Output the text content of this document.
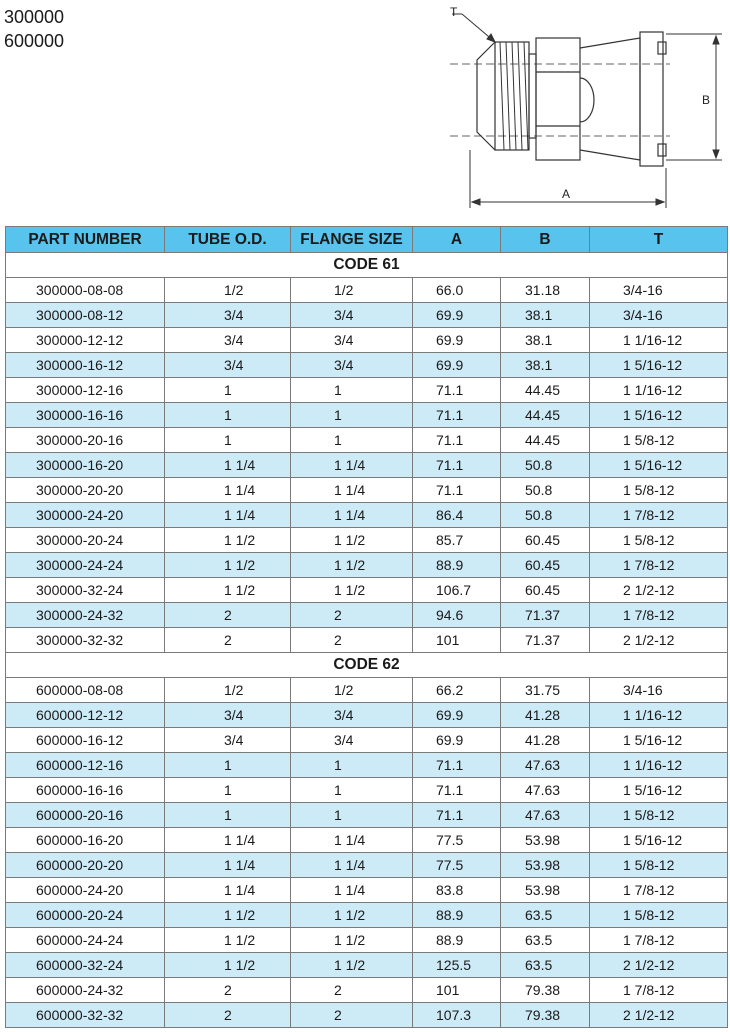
300000
600000
B
A
T
PART NUMBER	TUBE O.D.	FLANGE SIZE	A	B	T
CODE 61					
300000-08-08	1/2	1/2	66.0	31.18	3/4-16
300000-08-12	3/4	3/4	69.9	38.1	3/4-16
300000-12-12	3/4	3/4	69.9	38.1	1 1/16-12
300000-16-12	3/4	3/4	69.9	38.1	1 5/16-12
300000-12-16	1	1	71.1	44.45	1 1/16-12
300000-16-16	1	1	71.1	44.45	1 5/16-12
300000-20-16	1	1	71.1	44.45	1 5/8-12
300000-16-20	1 1/4	1 1/4	71.1	50.8	1 5/16-12
300000-20-20	1 1/4	1 1/4	71.1	50.8	1 5/8-12
300000-24-20	1 1/4	1 1/4	86.4	50.8	1 7/8-12
300000-20-24	1 1/2	1 1/2	85.7	60.45	1 5/8-12
300000-24-24	1 1/2	1 1/2	88.9	60.45	1 7/8-12
300000-32-24	1 1/2	1 1/2	106.7	60.45	2 1/2-12
300000-24-32	2	2	94.6	71.37	1 7/8-12
300000-32-32	2	2	101	71.37	2 1/2-12
CODE 62					
600000-08-08	1/2	1/2	66.2	31.75	3/4-16
600000-12-12	3/4	3/4	69.9	41.28	1 1/16-12
600000-16-12	3/4	3/4	69.9	41.28	1 5/16-12
600000-12-16	1	1	71.1	47.63	1 1/16-12
600000-16-16	1	1	71.1	47.63	1 5/16-12
600000-20-16	1	1	71.1	47.63	1 5/8-12
600000-16-20	1 1/4	1 1/4	77.5	53.98	1 5/16-12
600000-20-20	1 1/4	1 1/4	77.5	53.98	1 5/8-12
600000-24-20	1 1/4	1 1/4	83.8	53.98	1 7/8-12
600000-20-24	1 1/2	1 1/2	88.9	63.5	1 5/8-12
600000-24-24	1 1/2	1 1/2	88.9	63.5	1 7/8-12
600000-32-24	1 1/2	1 1/2	125.5	63.5	2 1/2-12
600000-24-32	2	2	101	79.38	1 7/8-12
600000-32-32	2	2	107.3	79.38	2 1/2-12
